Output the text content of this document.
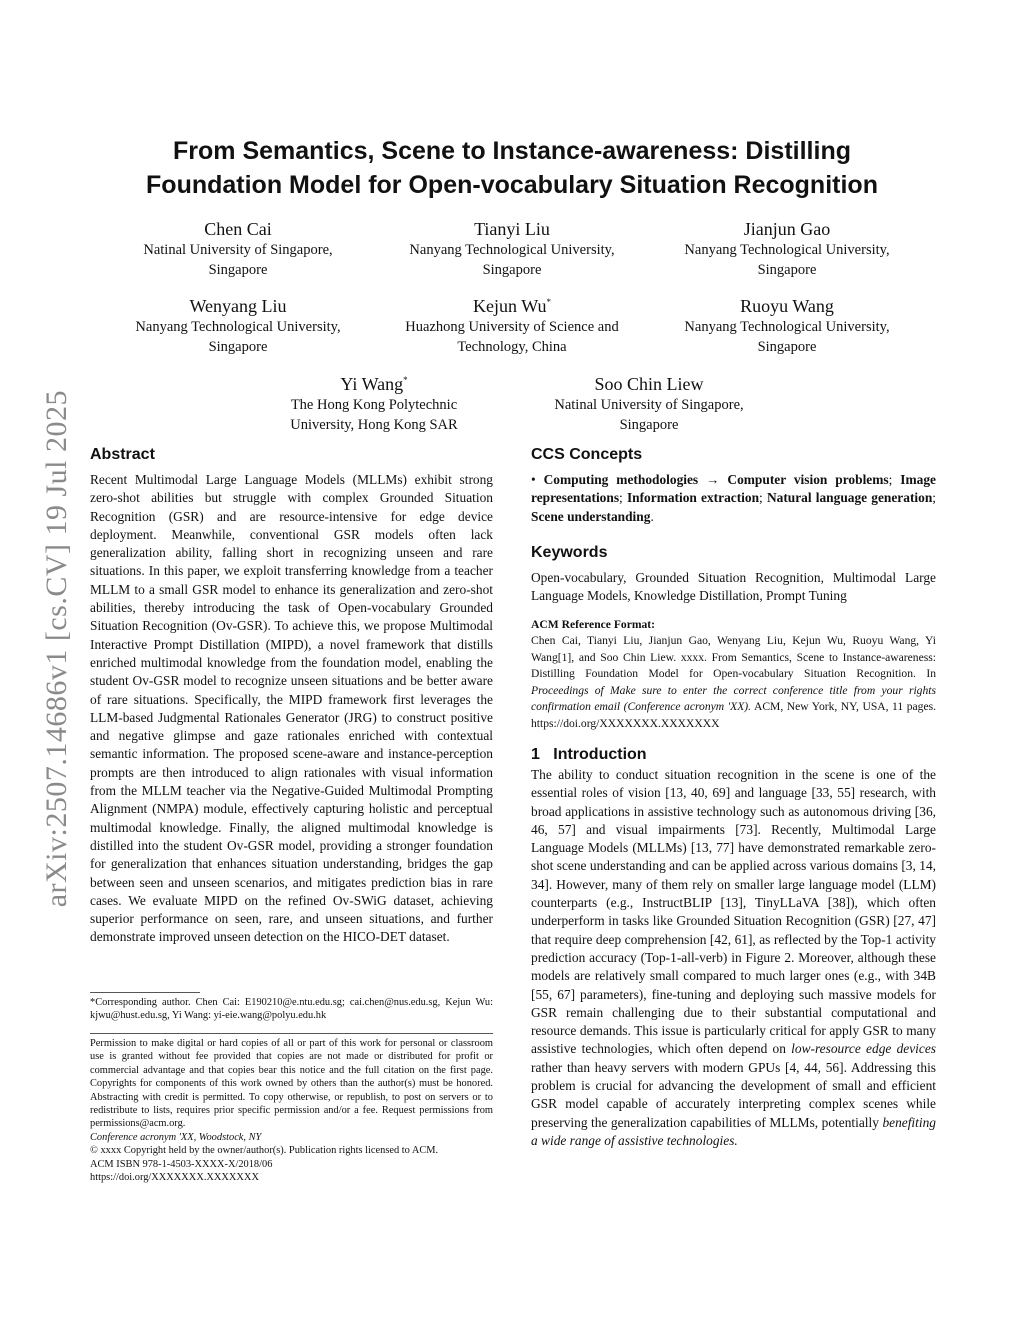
arXiv:2507.14686v1 [cs.CV] 19 Jul 2025
From Semantics, Scene to Instance-awareness: Distilling
Foundation Model for Open-vocabulary Situation Recognition
Chen Cai
Natinal University of Singapore,
Singapore
Tianyi Liu
Nanyang Technological University,
Singapore
Jianjun Gao
Nanyang Technological University,
Singapore
Wenyang Liu
Nanyang Technological University,
Singapore
Kejun Wu*
Huazhong University of Science and
Technology, China
Ruoyu Wang
Nanyang Technological University,
Singapore
Yi Wang*
The Hong Kong Polytechnic
University, Hong Kong SAR
Soo Chin Liew
Natinal University of Singapore,
Singapore
Abstract
Recent Multimodal Large Language Models (MLLMs) exhibit strong zero-shot abilities but struggle with complex Grounded Situation Recognition (GSR) and are resource-intensive for edge device deployment. Meanwhile, conventional GSR models often lack generalization ability, falling short in recognizing unseen and rare situations. In this paper, we exploit transferring knowledge from a teacher MLLM to a small GSR model to enhance its generalization and zero-shot abilities, thereby introducing the task of Open-vocabulary Grounded Situation Recognition (Ov-GSR). To achieve this, we propose Multimodal Interactive Prompt Distillation (MIPD), a novel framework that distills enriched multimodal knowledge from the foundation model, enabling the student Ov-GSR model to recognize unseen situations and be better aware of rare situations. Specifically, the MIPD framework first leverages the LLM-based Judgmental Rationales Generator (JRG) to construct positive and negative glimpse and gaze rationales enriched with contextual semantic information. The proposed scene-aware and instance-perception prompts are then introduced to align rationales with visual information from the MLLM teacher via the Negative-Guided Multimodal Prompting Alignment (NMPA) module, effectively capturing holistic and perceptual multimodal knowledge. Finally, the aligned multimodal knowledge is distilled into the student Ov-GSR model, providing a stronger foundation for generalization that enhances situation understanding, bridges the gap between seen and unseen scenarios, and mitigates prediction bias in rare cases. We evaluate MIPD on the refined Ov-SWiG dataset, achieving superior performance on seen, rare, and unseen situations, and further demonstrate improved unseen detection on the HICO-DET dataset.
*Corresponding author. Chen Cai: E190210@e.ntu.edu.sg; cai.chen@nus.edu.sg, Kejun Wu: kjwu@hust.edu.sg, Yi Wang: yi-eie.wang@polyu.edu.hk
Permission to make digital or hard copies of all or part of this work for personal or classroom use is granted without fee provided that copies are not made or distributed for profit or commercial advantage and that copies bear this notice and the full citation on the first page. Copyrights for components of this work owned by others than the author(s) must be honored. Abstracting with credit is permitted. To copy otherwise, or republish, to post on servers or to redistribute to lists, requires prior specific permission and/or a fee. Request permissions from permissions@acm.org.
Conference acronym 'XX, Woodstock, NY
© xxxx Copyright held by the owner/author(s). Publication rights licensed to ACM.
ACM ISBN 978-1-4503-XXXX-X/2018/06
https://doi.org/XXXXXXX.XXXXXXX
CCS Concepts
• Computing methodologies → Computer vision problems; Image representations; Information extraction; Natural language generation; Scene understanding.
Keywords
Open-vocabulary, Grounded Situation Recognition, Multimodal Large Language Models, Knowledge Distillation, Prompt Tuning
ACM Reference Format:
Chen Cai, Tianyi Liu, Jianjun Gao, Wenyang Liu, Kejun Wu, Ruoyu Wang, Yi Wang[1], and Soo Chin Liew. xxxx. From Semantics, Scene to Instance-awareness: Distilling Foundation Model for Open-vocabulary Situation Recognition. In Proceedings of Make sure to enter the correct conference title from your rights confirmation email (Conference acronym 'XX). ACM, New York, NY, USA, 11 pages. https://doi.org/XXXXXXX.XXXXXXX
1 Introduction
The ability to conduct situation recognition in the scene is one of the essential roles of vision [13, 40, 69] and language [33, 55] research, with broad applications in assistive technology such as autonomous driving [36, 46, 57] and visual impairments [73]. Recently, Multimodal Large Language Models (MLLMs) [13, 77] have demonstrated remarkable zero-shot scene understanding and can be applied across various domains [3, 14, 34]. However, many of them rely on smaller large language model (LLM) counterparts (e.g., InstructBLIP [13], TinyLLaVA [38]), which often underperform in tasks like Grounded Situation Recognition (GSR) [27, 47] that require deep comprehension [42, 61], as reflected by the Top-1 activity prediction accuracy (Top-1-all-verb) in Figure 2. Moreover, although these models are relatively small compared to much larger ones (e.g., with 34B [55, 67] parameters), fine-tuning and deploying such massive models for GSR remain challenging due to their substantial computational and resource demands. This issue is particularly critical for apply GSR to many assistive technologies, which often depend on low-resource edge devices rather than heavy servers with modern GPUs [4, 44, 56]. Addressing this problem is crucial for advancing the development of small and efficient GSR model capable of accurately interpreting complex scenes while preserving the generalization capabilities of MLLMs, potentially benefiting a wide range of assistive technologies.
